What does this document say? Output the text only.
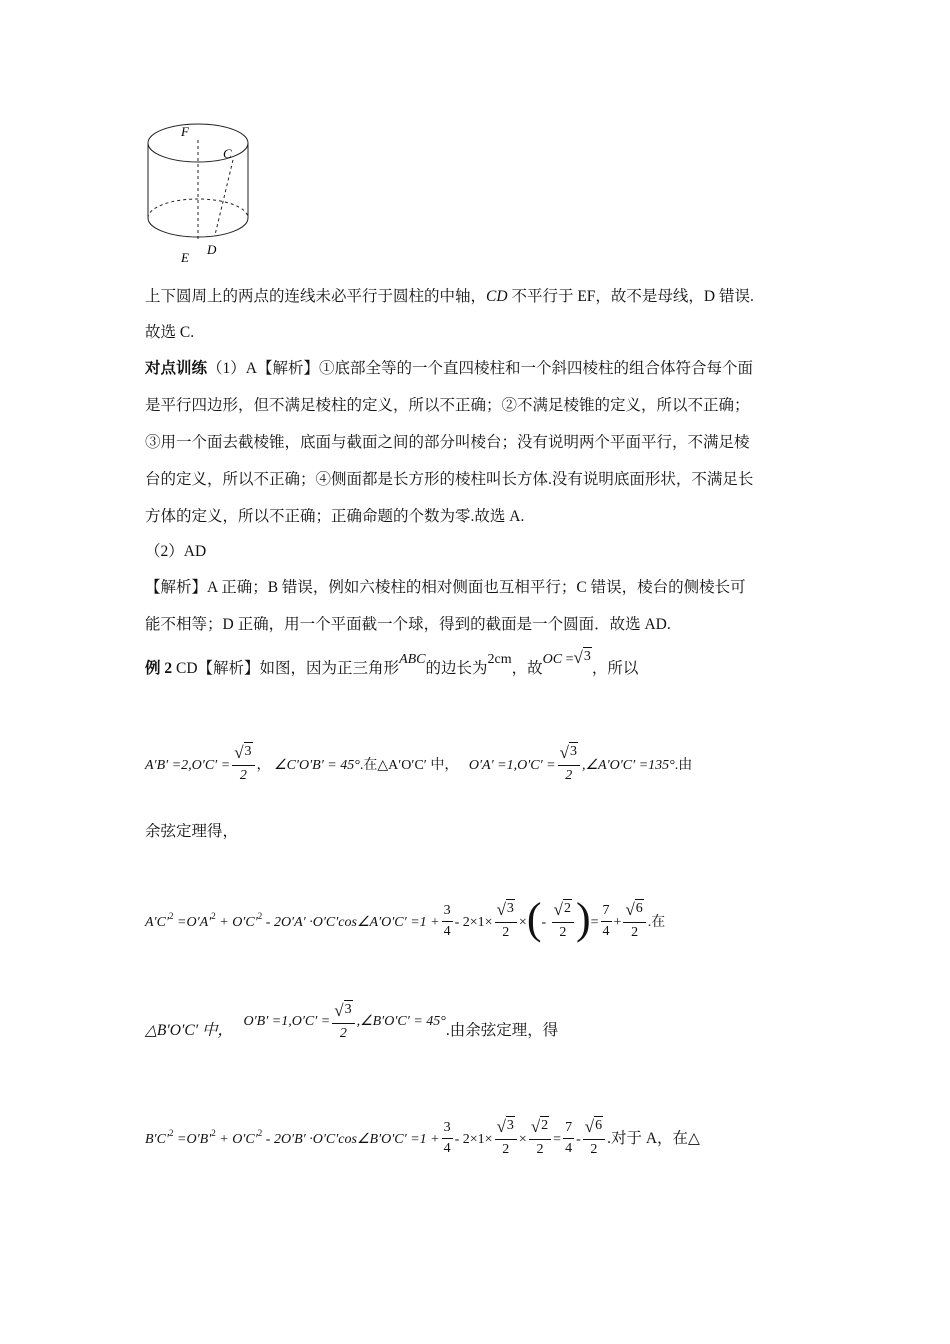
F
C
D
E
上下圆周上的两点的连线未必平行于圆柱的中轴，CD 不平行于 EF，故不是母线，D 错误.
故选 C.
对点训练（1）A【解析】①底部全等的一个直四棱柱和一个斜四棱柱的组合体符合每个面
是平行四边形，但不满足棱柱的定义，所以不正确；②不满足棱锥的定义，所以不正确；
③用一个面去截棱锥，底面与截面之间的部分叫棱台；没有说明两个平面平行，不满足棱
台的定义，所以不正确；④侧面都是长方形的棱柱叫长方体.没有说明底面形状，不满足长
方体的定义，所以不正确；正确命题的个数为零.故选 A.
（2）AD
【解析】A 正确；B 错误，例如六棱柱的相对侧面也互相平行；C 错误，棱台的侧棱长可
能不相等；D 正确，用一个平面截一个球，得到的截面是一个圆面．故选 AD.
例 2 CD【解析】如图，因为正三角形ABC的边长为2cm，故OC = √ 3
，所以
$A'B' =2,O'C' = \frac{√ 3}{2}$ ， ∠C′O′B′ = 45°.在△A′O′C′ 中， $O'A' =1,O'C' = \frac{√ 3}{2}$ ,∠A′O′C′ =135°.由
余弦定理得，
$A'C'^2 =O'A'^2 + O'C'^2 - 2O'A'$ ·O′C′cos∠A′O′C′ $=1 + \frac{3}{4} - 2\times 1\times \frac{√ 3}{2}$ ×(- $\frac{√ 2}{2}$ )= $\frac{7}{4} + \frac{√ 6}{2}$ .在
△B′O′C′ 中，   $O'B' =1,O'C' = \frac{√ 3}{2}$ ,∠B′O′C′ = 45°.由余弦定理，得
$B'C'^2 =O'B'^2 + O'C'^2 - 2O'B'$ ·O′C′cos∠B′O′C′ $=1 + \frac{3}{4} - 2\times 1\times \frac{√ 3}{2} \times \frac{√ 2}{2} = \frac{7}{4} - \frac{√ 6}{2}$ .对于 A，在△
